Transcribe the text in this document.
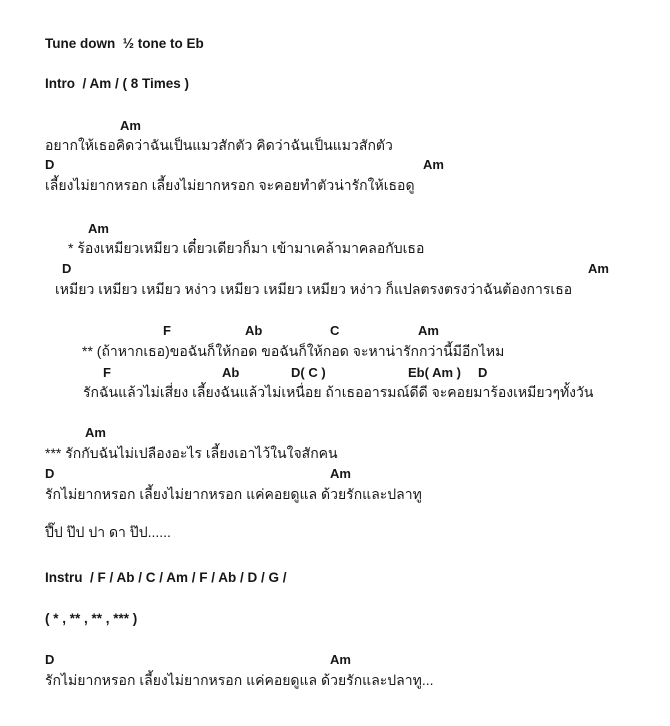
Tune down  ½ tone to Eb
Intro  / Am / ( 8 Times )
Am
อยากให้เธอคิดว่าฉันเป็นแมวสักตัว คิดว่าฉันเป็นแมวสักตัว
D	Am
เลี้ยงไม่ยากหรอก เลี้ยงไม่ยากหรอก จะคอยทำตัวน่ารักให้เธอดู
Am
* ร้องเหมียวเหมียว เดี๋ยวเดียวก็มา เข้ามาเคล้ามาคลอกับเธอ
D	Am
เหมียว เหมียว เหมียว หง่าว เหมียว เหมียว เหมียว หง่าว ก็แปลตรงตรงว่าฉันต้องการเธอ
F	Ab	C	Am
** (ถ้าหากเธอ)ขอฉันก็ให้กอด ขอฉันก็ให้กอด จะหาน่ารักกว่านี้มีอีกไหม
F	Ab	D( C )	Eb( Am ) D
รักฉันแล้วไม่เสี่ยง เลี้ยงฉันแล้วไม่เหนื่อย ถ้าเธออารมณ์ดีดี จะคอยมาร้องเหมียวๆทั้งวัน
Am
*** รักกับฉันไม่เปลืองอะไร เลี้ยงเอาไว้ในใจสักคน
D	Am
รักไม่ยากหรอก เลี้ยงไม่ยากหรอก แค่คอยดูแล ด้วยรักและปลาทู
ปึ๊ป ป๊ป ปา ดา ป๊ป......
Instru  / F / Ab / C / Am / F / Ab / D / G /
( * , ** , ** , *** )
D	Am
รักไม่ยากหรอก เลี้ยงไม่ยากหรอก แค่คอยดูแล ด้วยรักและปลาทู...
